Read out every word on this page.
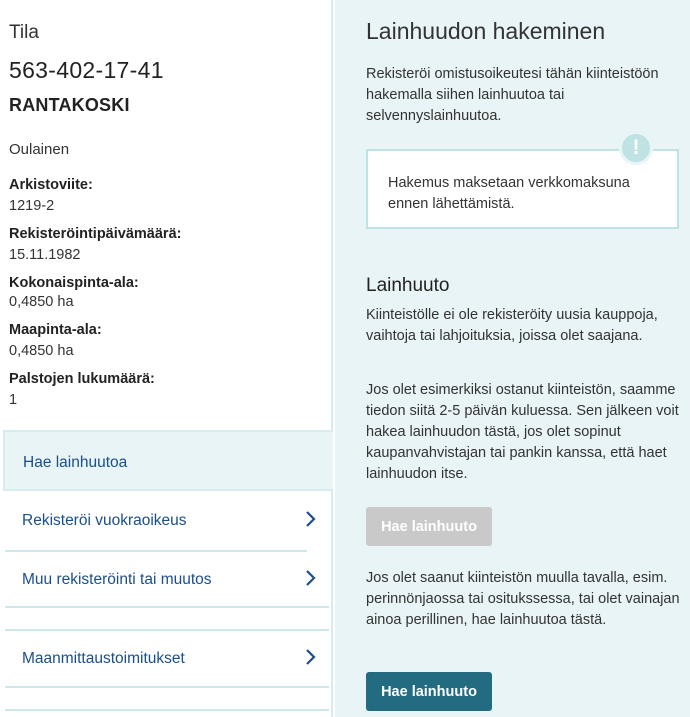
Tila
563-402-17-41
RANTAKOSKI
Oulainen
Arkistoviite:
1219-2
Rekisteröintipäivämäärä:
15.11.1982
Kokonaispinta-ala:
0,4850 ha
Maapinta-ala:
0,4850 ha
Palstojen lukumäärä:
1
Hae lainhuutoa
Rekisteröi vuokraoikeus
Muu rekisteröinti tai muutos
Maanmittaustoimitukset
Lainhuudon hakeminen
Rekisteröi omistusoikeutesi tähän kiinteistöön hakemalla siihen lainhuutoa tai selvennyslainhuutoa.
Hakemus maksetaan verkkomaksuna ennen lähettämistä.
!
Lainhuuto
Kiinteistölle ei ole rekisteröity uusia kauppoja, vaihtoja tai lahjoituksia, joissa olet saajana.
Jos olet esimerkiksi ostanut kiinteistön, saamme tiedon siitä 2-5 päivän kuluessa. Sen jälkeen voit hakea lainhuudon tästä, jos olet sopinut kaupanvahvistajan tai pankin kanssa, että haet lainhuudon itse.
Hae lainhuuto
Jos olet saanut kiinteistön muulla tavalla, esim. perinnönjaossa tai ositukssessa, tai olet vainajan ainoa perillinen, hae lainhuutoa tästä.
Hae lainhuuto
